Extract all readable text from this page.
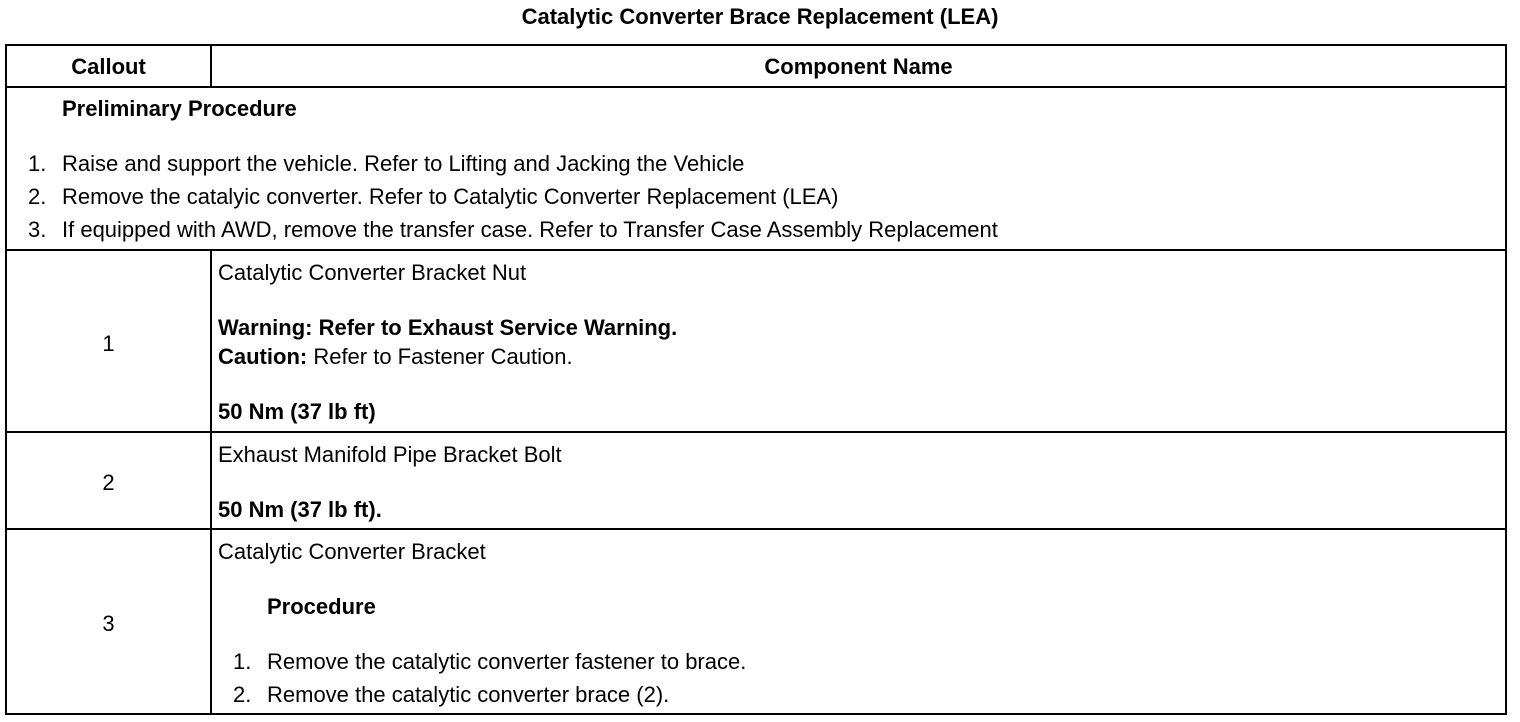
Catalytic Converter Brace Replacement (LEA)
Callout	Component Name
Preliminary Procedure
1. Raise and support the vehicle. Refer to Lifting and Jacking the Vehicle
2. Remove the catalyic converter. Refer to Catalytic Converter Replacement (LEA)
3. If equipped with AWD, remove the transfer case. Refer to Transfer Case Assembly Replacement
1
Catalytic Converter Bracket Nut
Warning: Refer to Exhaust Service Warning.
Caution: Refer to Fastener Caution.
50 Nm (37 lb ft)
2
Exhaust Manifold Pipe Bracket Bolt
50 Nm (37 lb ft).
3
Catalytic Converter Bracket
Procedure
1. Remove the catalytic converter fastener to brace.
2. Remove the catalytic converter brace (2).
